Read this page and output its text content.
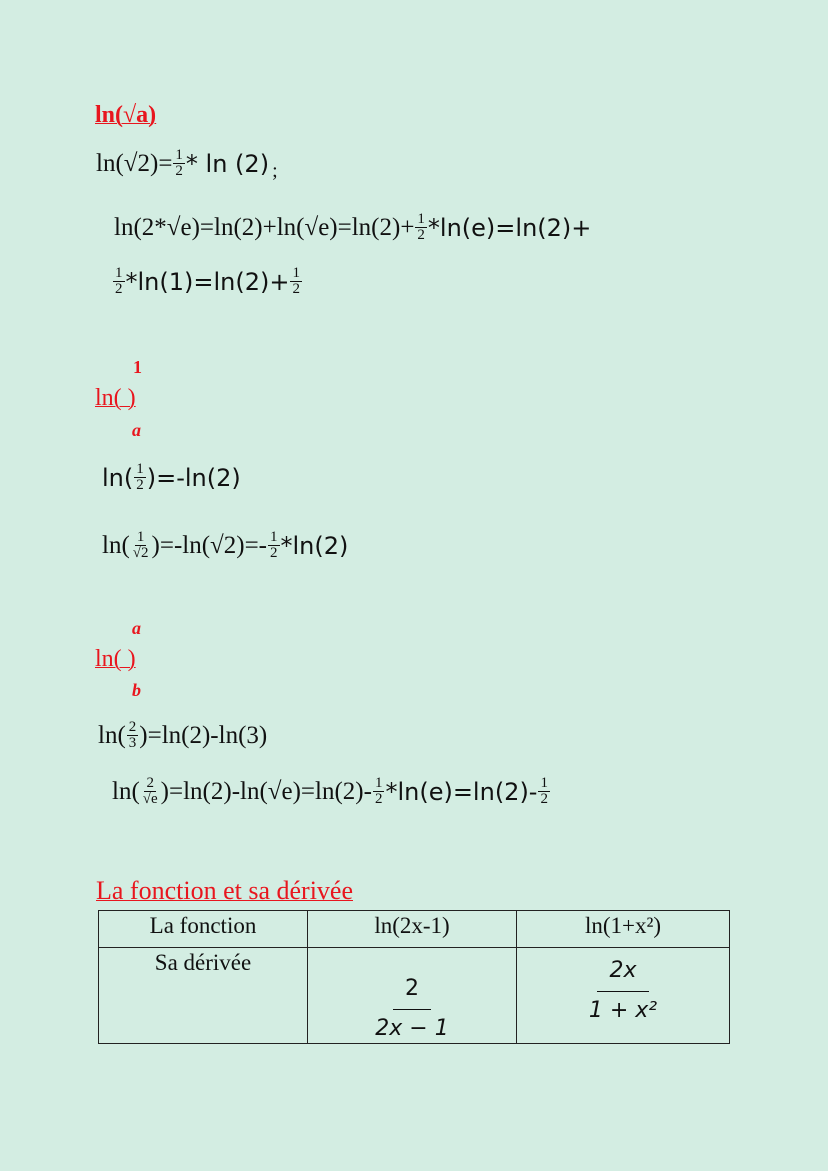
ln(√a)
$\ln(√2)= \frac{1}{2} * \ln (2)$ ;
$\ln(2*√e)=\ln(2)+\ln(√e)=\ln(2)+ \frac{1}{2} *\ln(e)=\ln(2)+$
$\frac{1}{2} *\ln(1)=\ln(2)+ \frac{1}{2}$
1
ln( )
a
$\ln( \frac{1}{2} )=-\ln(2)$
$\ln( \frac{1}{√2} )=-\ln(√2)=- \frac{1}{2} *\ln(2)$
a
ln( )
b
$\ln( \frac{2}{3} )=\ln(2)-\ln(3)$
$\ln( \frac{2}{√e} )=\ln(2)-\ln(√e)=\ln(2)- \frac{1}{2} *\ln(e)=\ln(2)- \frac{1}{2}$
La fonction et sa dérivée
La fonction	ln(2x-1)	ln(1+x²)
Sa dérivée	$\frac{2}{2x - 1}$	$\frac{2x}{\text{1 + x²}}$
